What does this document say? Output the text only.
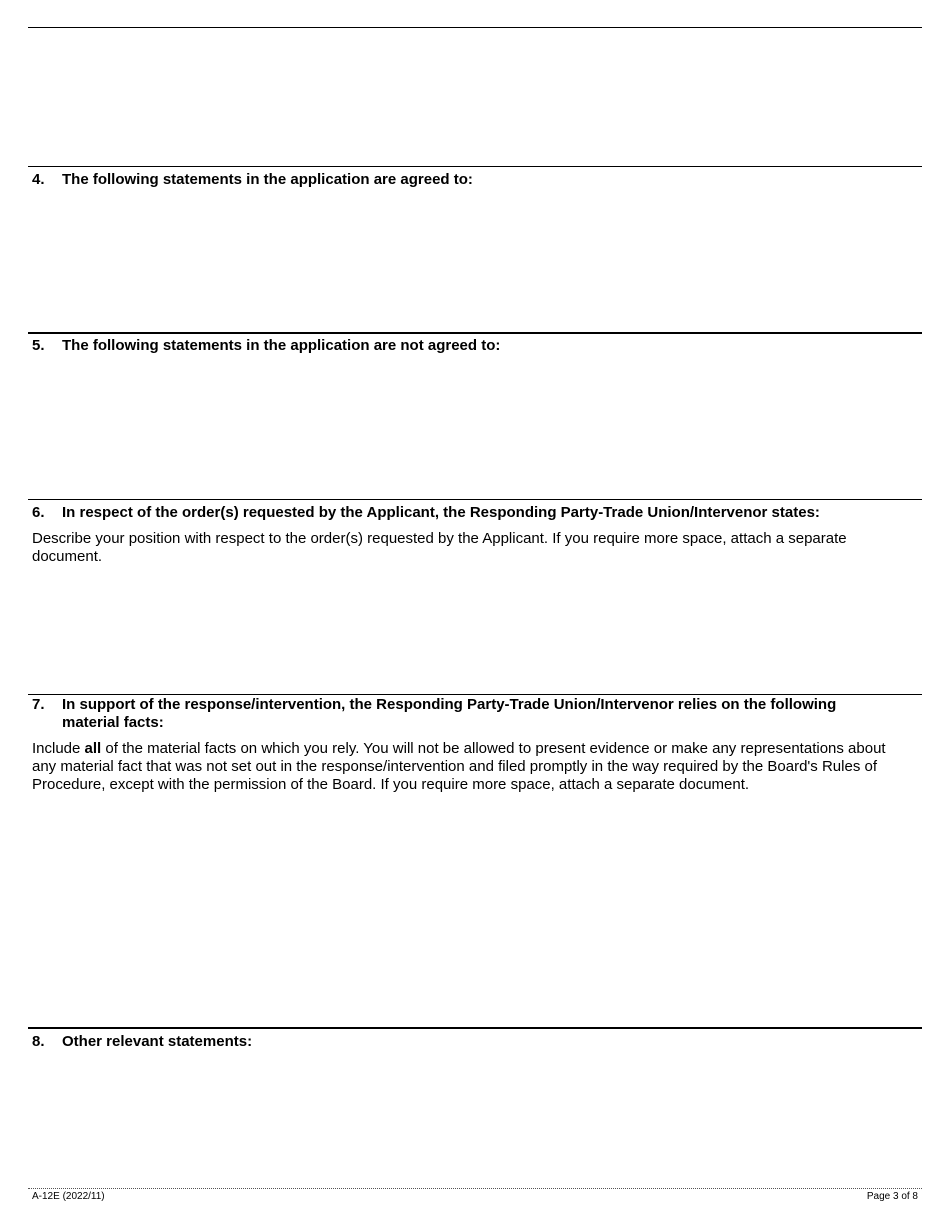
4. The following statements in the application are agreed to:
5. The following statements in the application are not agreed to:
6. In respect of the order(s) requested by the Applicant, the Responding Party-Trade Union/Intervenor states:
Describe your position with respect to the order(s) requested by the Applicant. If you require more space, attach a separate document.
7. In support of the response/intervention, the Responding Party-Trade Union/Intervenor relies on the following material facts:
Include all of the material facts on which you rely. You will not be allowed to present evidence or make any representations about any material fact that was not set out in the response/intervention and filed promptly in the way required by the Board's Rules of Procedure, except with the permission of the Board. If you require more space, attach a separate document.
8. Other relevant statements:
A-12E (2022/11)	Page 3 of 8
